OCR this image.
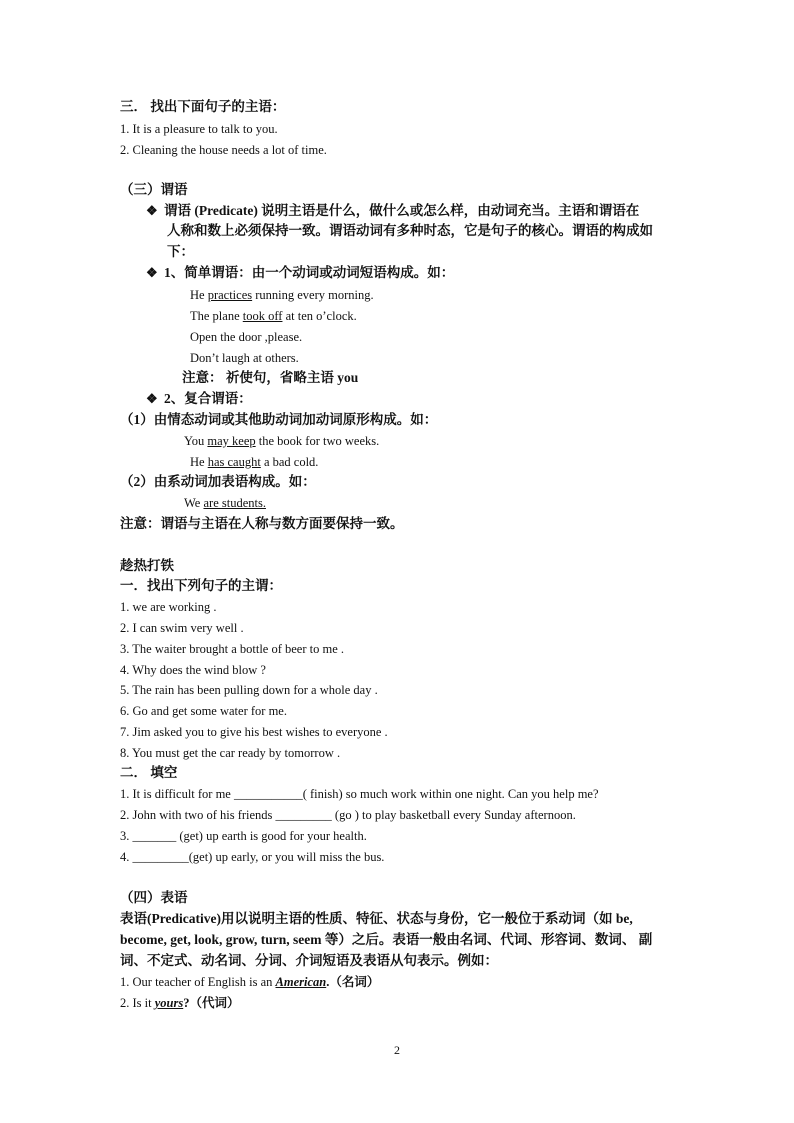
三． 找出下面句子的主语：
1. It is a pleasure to talk to you.
2. Cleaning the house needs a lot of time.
（三）谓语
❖ 谓语 (Predicate) 说明主语是什么，做什么或怎么样，由动词充当。主语和谓语在
人称和数上必须保持一致。谓语动词有多种时态，它是句子的核心。谓语的构成如
下：
❖ 1、简单谓语：由一个动词或动词短语构成。如：
He practices running every morning.
The plane took off at ten o’clock.
Open the door ,please.
Don’t laugh at others.
注意： 祈使句，省略主语 you
❖ 2、复合谓语：
（1）由情态动词或其他助动词加动词原形构成。如：
You may keep the book for two weeks.
He has caught a bad cold.
（2）由系动词加表语构成。如：
We are students.
注意：谓语与主语在人称与数方面要保持一致。
趁热打铁
一．找出下列句子的主谓：
1. we are working .
2. I can swim very well .
3. The waiter brought a bottle of beer to me .
4. Why does the wind blow ?
5. The rain has been pulling down for a whole day .
6. Go and get some water for me.
7. Jim asked you to give his best wishes to everyone .
8. You must get the car ready by tomorrow .
二． 填空
1. It is difficult for me ___________( finish) so much work within one night. Can you help me?
2. John with two of his friends _________ (go ) to play basketball every Sunday afternoon.
3. _______ (get) up earth is good for your health.
4. _________(get) up early, or you will miss the bus.
（四）表语
表语(Predicative)用以说明主语的性质、特征、状态与身份，它一般位于系动词（如 be,
become, get, look, grow, turn, seem 等）之后。表语一般由名词、代词、形容词、数词、 副
词、不定式、动名词、分词、介词短语及表语从句表示。例如：
1. Our teacher of English is an American.（名词）
2. Is it yours?（代词）
2
